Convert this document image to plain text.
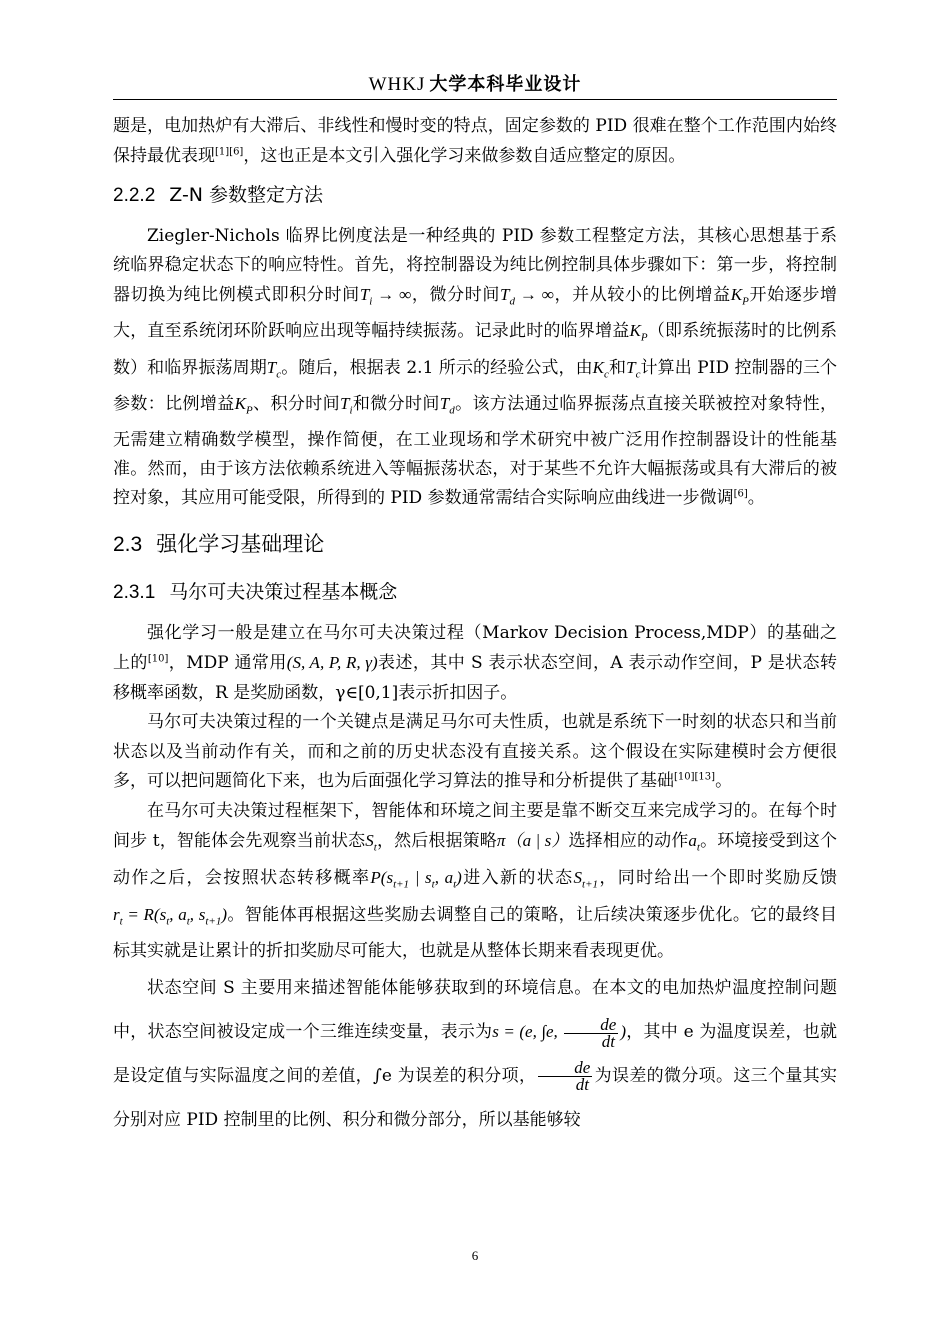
WHKJ 大学本科毕业设计

题是，电加热炉有大滞后、非线性和慢时变的特点，固定参数的 PID 很难在整个工作范围内始终保持最优表现[1][6]，这也正是本文引入强化学习来做参数自适应整定的原因。

2.2.2 Z-N 参数整定方法

Ziegler-Nichols 临界比例度法是一种经典的 PID 参数工程整定方法，其核心思想基于系统临界稳定状态下的响应特性。首先，将控制器设为纯比例控制具体步骤如下：第一步，将控制器切换为纯比例模式即积分时间$T_i$ → ∞，微分时间$T_d$ → ∞，并从较小的比例增益$K_P$开始逐步增大，直至系统闭环阶跃响应出现等幅持续振荡。记录此时的临界增益$K_P$（即系统振荡时的比例系数）和临界振荡周期$T_c$。随后，根据表 2.1 所示的经验公式，由$K_c$和$T_c$计算出 PID 控制器的三个参数：比例增益$K_P$、积分时间$T_i$和微分时间$T_d$。该方法通过临界振荡点直接关联被控对象特性，无需建立精确数学模型，操作简便，在工业现场和学术研究中被广泛用作控制器设计的性能基准。然而，由于该方法依赖系统进入等幅振荡状态，对于某些不允许大幅振荡或具有大滞后的被控对象，其应用可能受限，所得到的 PID 参数通常需结合实际响应曲线进一步微调[6]。

2.3 强化学习基础理论
2.3.1 马尔可夫决策过程基本概念

强化学习一般是建立在马尔可夫决策过程（Markov Decision Process,MDP）的基础之上的[10]，MDP 通常用(S, A, P, R, γ)表述，其中 S 表示状态空间，A 表示动作空间，P 是状态转移概率函数，R 是奖励函数，γ∈[0,1]表示折扣因子。

马尔可夫决策过程的一个关键点是满足马尔可夫性质，也就是系统下一时刻的状态只和当前状态以及当前动作有关，而和之前的历史状态没有直接关系。这个假设在实际建模时会方便很多，可以把问题简化下来，也为后面强化学习算法的推导和分析提供了基础[10][13]。

在马尔可夫决策过程框架下，智能体和环境之间主要是靠不断交互来完成学习的。在每个时间步 t，智能体会先观察当前状态$S_t$，然后根据策略π（a | s）选择相应的动作$a_t$。环境接受到这个动作之后，会按照状态转移概率$P(s_{t+1}$ | $s_t$, $a_t$)进入新的状态$S_{t+1}$，同时给出一个即时奖励反馈$r_t = R(s_t$, $a_t$, $s_{t+1}$)。智能体再根据这些奖励去调整自己的策略，让后续决策逐步优化。它的最终目标其实就是让累计的折扣奖励尽可能大，也就是从整体长期来看表现更优。

状态空间 S 主要用来描述智能体能够获取到的环境信息。在本文的电加热炉温度控制问题中，状态空间被设定成一个三维连续变量，表示为s = (e, ∫e, $\frac{de}{dt}$ )，其中 e 为温度误差，也就是设定值与实际温度之间的差值，∫e 为误差的积分项， $\frac{de}{dt}$ 为误差的微分项。这三个量其实分别对应 PID 控制里的比例、积分和微分部分，所以基能够较

6
